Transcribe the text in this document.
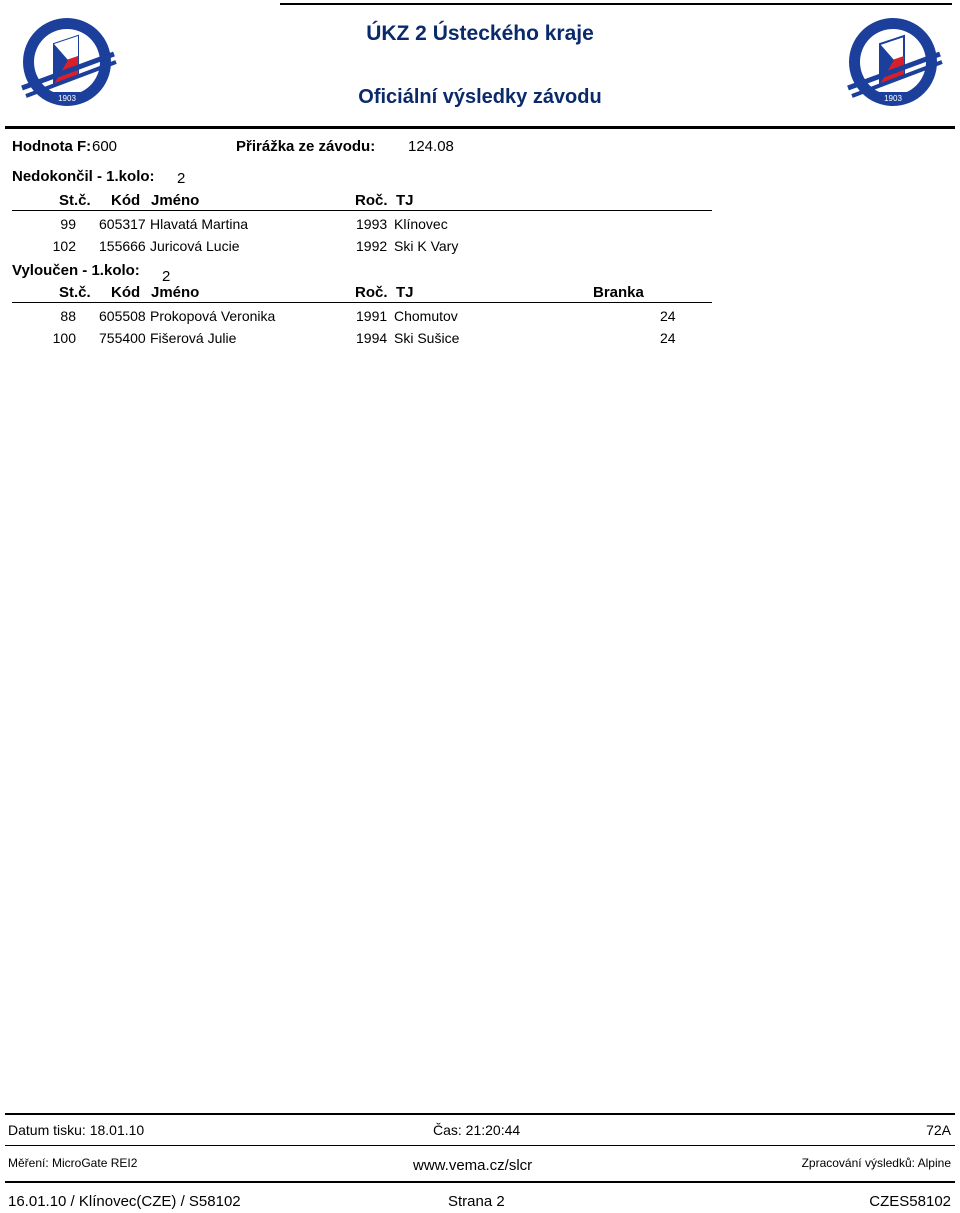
1903	1903
ÚKZ 2 Ústeckého kraje
Oficiální výsledky závodu
Hodnota F: 600	Přirážka ze závodu: 124.08
Nedokončil - 1.kolo: 2
St.č. Kód Jméno	Roč. TJ
99 605317 Hlavatá Martina	1993 Klínovec
102 155666 Juricová Lucie	1992 Ski K Vary
Vyloučen - 1.kolo: 2
St.č. Kód Jméno	Roč. TJ	Branka
88 605508 Prokopová Veronika	1991 Chomutov	24
100 755400 Fišerová Julie	1994 Ski Sušice	24
Datum tisku: 18.01.10	Čas: 21:20:44	72A
Měření: MicroGate REI2	www.vema.cz/slcr	Zpracování výsledků: Alpine
16.01.10 / Klínovec(CZE) / S58102	Strana 2	CZES58102
